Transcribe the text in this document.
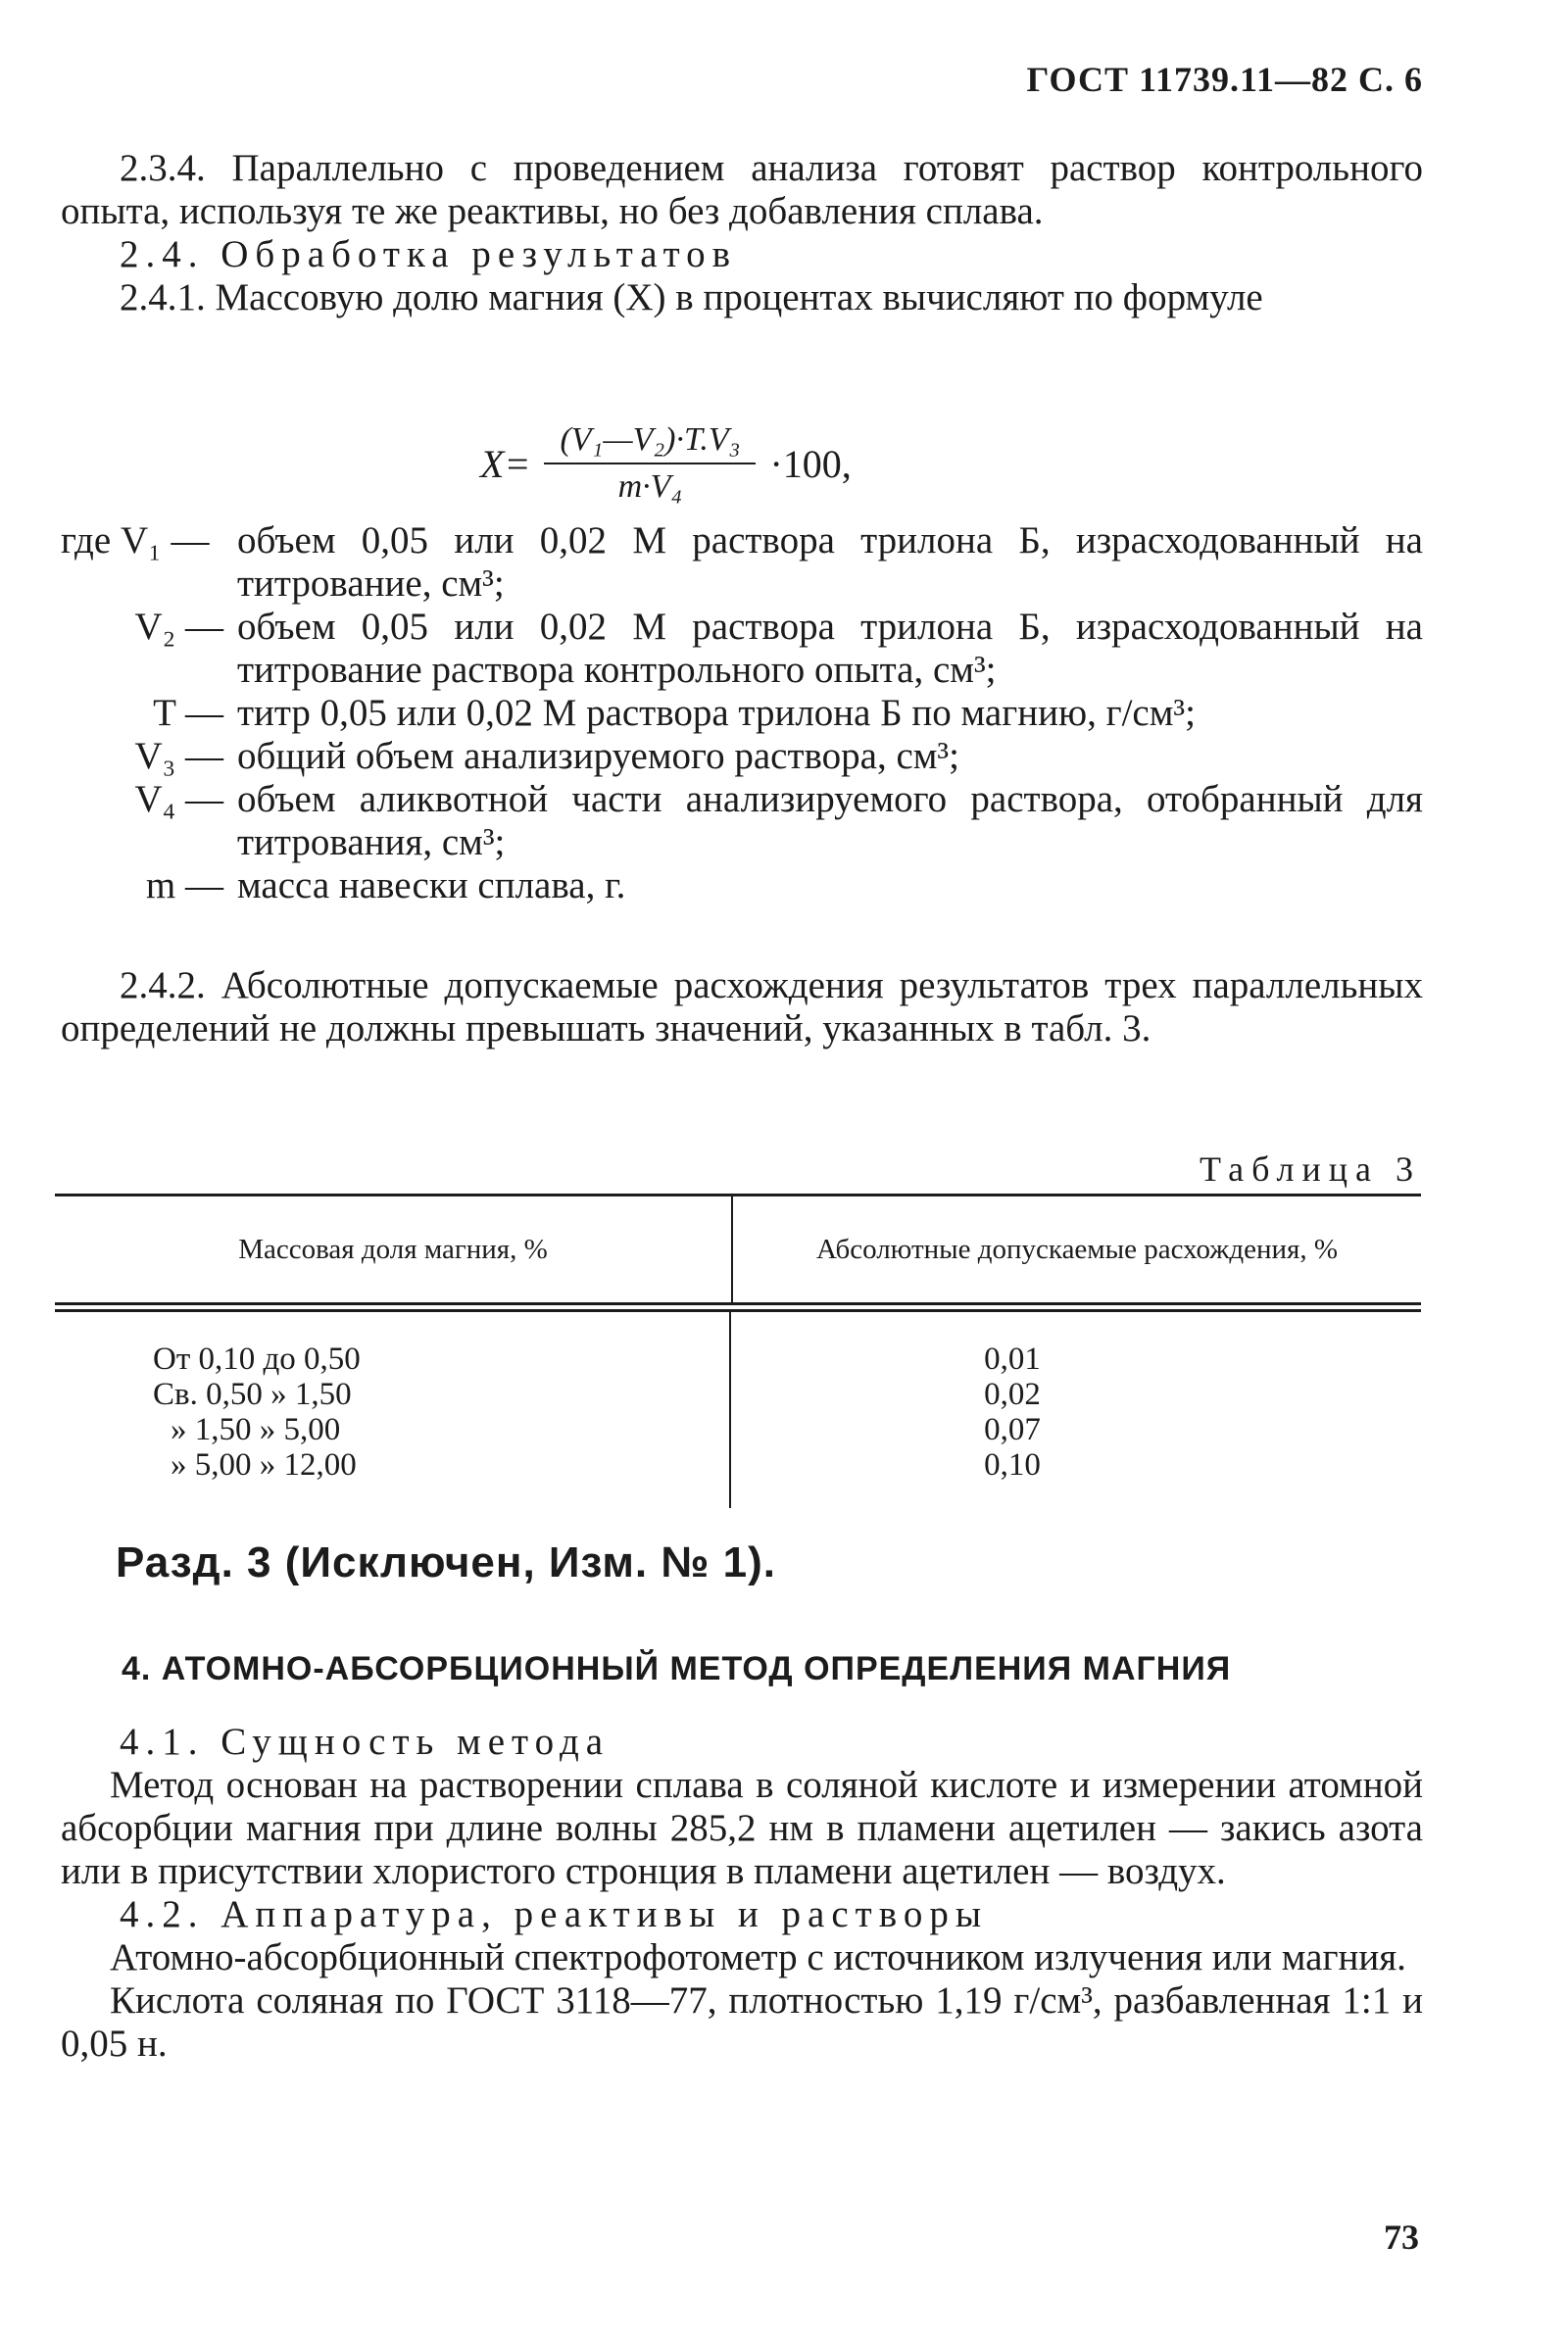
ГОСТ 11739.11—82 С. 6

2.3.4. Параллельно с проведением анализа готовят раствор контрольного опыта, используя те же реактивы, но без добавления сплава.

2.4. Обработка результатов

2.4.1. Массовую долю магния (X) в процентах вычисляют по формуле

$X= \frac{\text{(V₁—V₂)·T.V₃}}{\text{m·V₄}} \cdot 100$,
где V₁ — объем 0,05 или 0,02 М раствора трилона Б, израсходованный на титрование, см³;
V₂ — объем 0,05 или 0,02 М раствора трилона Б, израсходованный на титрование раствора контрольного опыта, см³;
T — титр 0,05 или 0,02 М раствора трилона Б по магнию, г/см³;
V₃ — общий объем анализируемого раствора, см³;
V₄ — объем аликвотной части анализируемого раствора, отобранный для титрования, см³;
m — масса навески сплава, г.

2.4.2. Абсолютные допускаемые расхождения результатов трех параллельных определений не должны превышать значений, указанных в табл. 3.

Таблица 3
Массовая доля магния, %	Абсолютные допускаемые расхождения, %
От 0,10 до 0,50
Св. 0,50 » 1,50
» 1,50 » 5,00
» 5,00 » 12,00
0,01
0,02
0,07
0,10
Разд. 3 (Исключен, Изм. № 1).
4. АТОМНО-АБСОРБЦИОННЫЙ МЕТОД ОПРЕДЕЛЕНИЯ МАГНИЯ

4.1. Сущность метода

Метод основан на растворении сплава в соляной кислоте и измерении атомной абсорбции магния при длине волны 285,2 нм в пламени ацетилен — закись азота или в присутствии хлористого стронция в пламени ацетилен — воздух.

4.2. Аппаратура, реактивы и растворы

Атомно-абсорбционный спектрофотометр с источником излучения или магния.

Кислота соляная по ГОСТ 3118—77, плотностью 1,19 г/см³, разбавленная 1:1 и 0,05 н.

73
